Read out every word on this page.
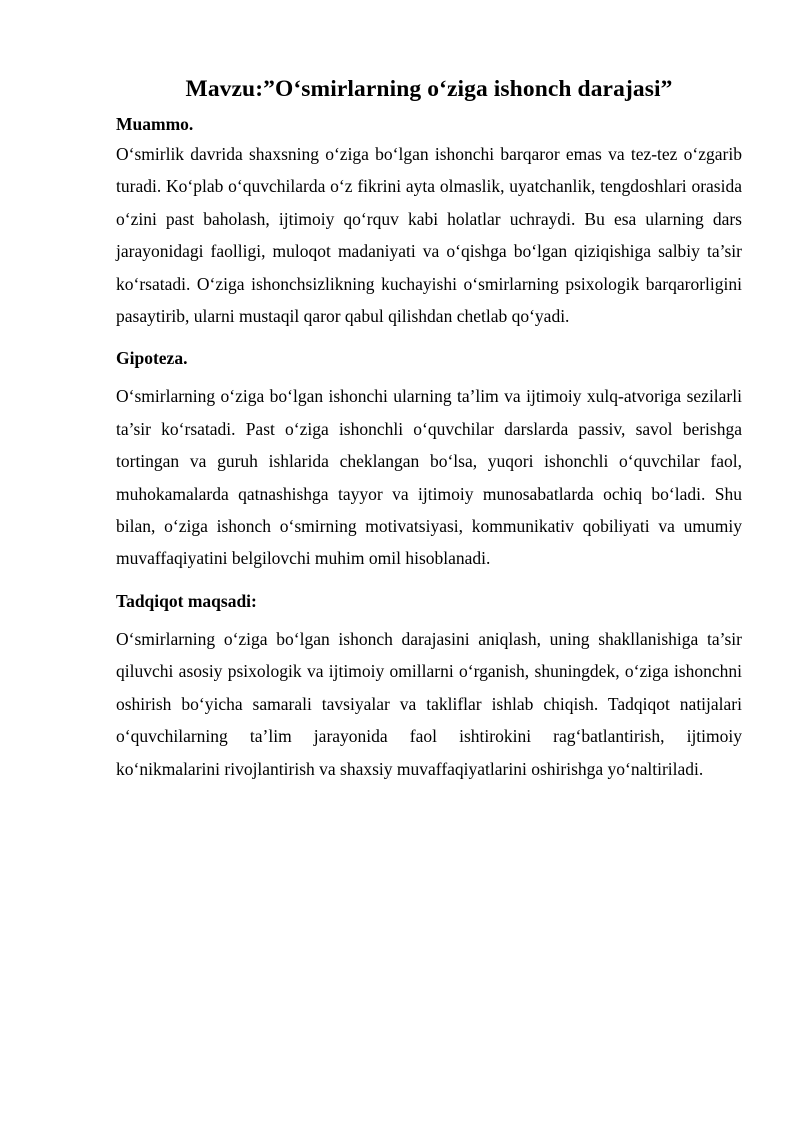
Mavzu:”O‘smirlarning o‘ziga ishonch darajasi”

Muammo.

O‘smirlik davrida shaxsning o‘ziga bo‘lgan ishonchi barqaror emas va tez-tez o‘zgarib turadi. Ko‘plab o‘quvchilarda o‘z fikrini ayta olmaslik, uyatchanlik, tengdoshlari orasida o‘zini past baholash, ijtimoiy qo‘rquv kabi holatlar uchraydi. Bu esa ularning dars jarayonidagi faolligi, muloqot madaniyati va o‘qishga bo‘lgan qiziqishiga salbiy ta’sir ko‘rsatadi. O‘ziga ishonchsizlikning kuchayishi o‘smirlarning psixologik barqarorligini pasaytirib, ularni mustaqil qaror qabul qilishdan chetlab qo‘yadi.

Gipoteza.

O‘smirlarning o‘ziga bo‘lgan ishonchi ularning ta’lim va ijtimoiy xulq-atvoriga sezilarli ta’sir ko‘rsatadi. Past o‘ziga ishonchli o‘quvchilar darslarda passiv, savol berishga tortingan va guruh ishlarida cheklangan bo‘lsa, yuqori ishonchli o‘quvchilar faol, muhokamalarda qatnashishga tayyor va ijtimoiy munosabatlarda ochiq bo‘ladi. Shu bilan, o‘ziga ishonch o‘smirning motivatsiyasi, kommunikativ qobiliyati va umumiy muvaffaqiyatini belgilovchi muhim omil hisoblanadi.

Tadqiqot maqsadi:

O‘smirlarning o‘ziga bo‘lgan ishonch darajasini aniqlash, uning shakllanishiga ta’sir qiluvchi asosiy psixologik va ijtimoiy omillarni o‘rganish, shuningdek, o‘ziga ishonchni oshirish bo‘yicha samarali tavsiyalar va takliflar ishlab chiqish. Tadqiqot natijalari o‘quvchilarning ta’lim jarayonida faol ishtirokini rag‘batlantirish, ijtimoiy ko‘nikmalarini rivojlantirish va shaxsiy muvaffaqiyatlarini oshirishga yo‘naltiriladi.
